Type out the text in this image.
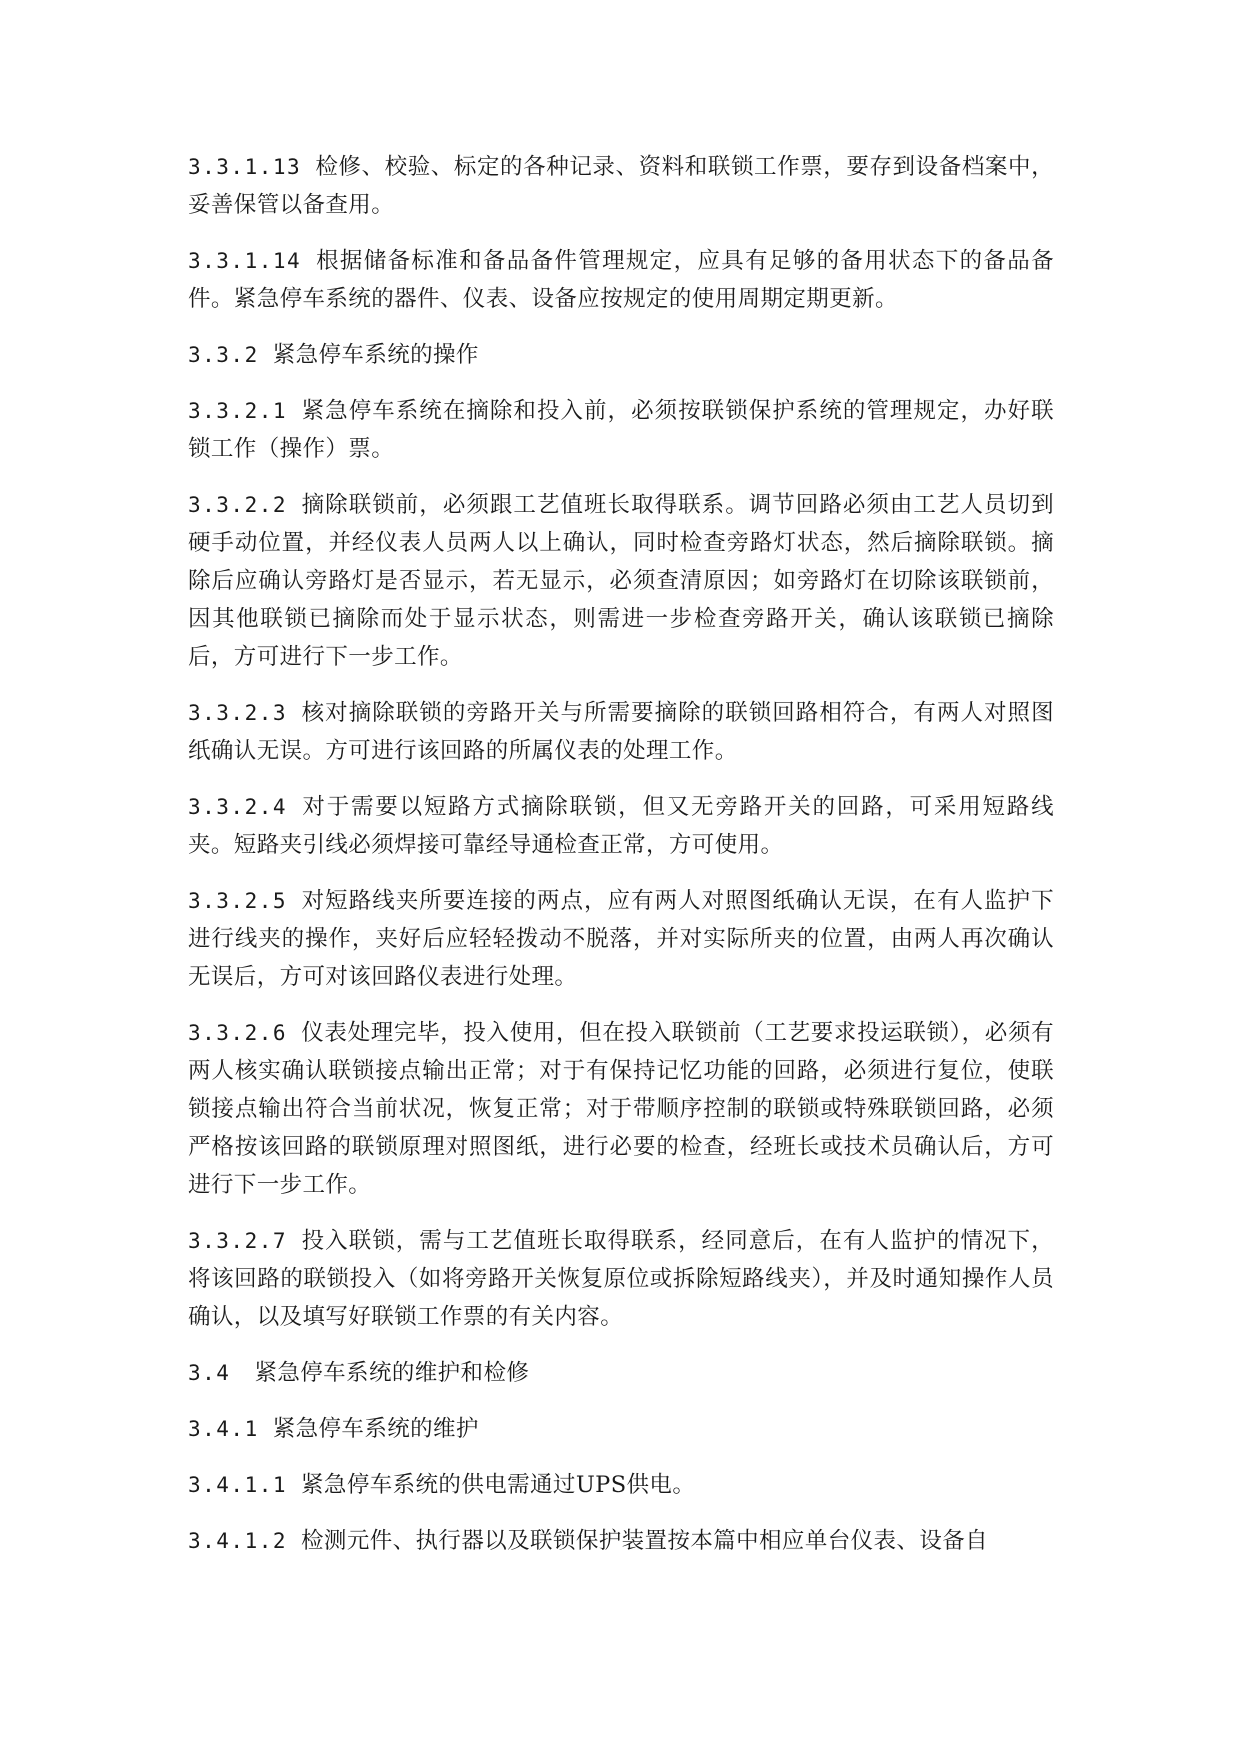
3.3.1.13 检修、校验、标定的各种记录、资料和联锁工作票，要存到设备档案中，妥善保管以备查用。

3.3.1.14 根据储备标准和备品备件管理规定，应具有足够的备用状态下的备品备件。紧急停车系统的器件、仪表、设备应按规定的使用周期定期更新。

3.3.2 紧急停车系统的操作

3.3.2.1 紧急停车系统在摘除和投入前，必须按联锁保护系统的管理规定，办好联锁工作（操作）票。

3.3.2.2 摘除联锁前，必须跟工艺值班长取得联系。调节回路必须由工艺人员切到硬手动位置，并经仪表人员两人以上确认，同时检查旁路灯状态，然后摘除联锁。摘除后应确认旁路灯是否显示，若无显示，必须查清原因；如旁路灯在切除该联锁前，因其他联锁已摘除而处于显示状态，则需进一步检查旁路开关，确认该联锁已摘除后，方可进行下一步工作。

3.3.2.3 核对摘除联锁的旁路开关与所需要摘除的联锁回路相符合，有两人对照图纸确认无误。方可进行该回路的所属仪表的处理工作。

3.3.2.4 对于需要以短路方式摘除联锁，但又无旁路开关的回路，可采用短路线夹。短路夹引线必须焊接可靠经导通检查正常，方可使用。

3.3.2.5 对短路线夹所要连接的两点，应有两人对照图纸确认无误，在有人监护下进行线夹的操作，夹好后应轻轻拨动不脱落，并对实际所夹的位置，由两人再次确认无误后，方可对该回路仪表进行处理。

3.3.2.6 仪表处理完毕，投入使用，但在投入联锁前（工艺要求投运联锁），必须有两人核实确认联锁接点输出正常；对于有保持记忆功能的回路，必须进行复位，使联锁接点输出符合当前状况，恢复正常；对于带顺序控制的联锁或特殊联锁回路，必须严格按该回路的联锁原理对照图纸，进行必要的检查，经班长或技术员确认后，方可进行下一步工作。

3.3.2.7 投入联锁，需与工艺值班长取得联系，经同意后，在有人监护的情况下，将该回路的联锁投入（如将旁路开关恢复原位或拆除短路线夹），并及时通知操作人员确认，以及填写好联锁工作票的有关内容。

3.4 紧急停车系统的维护和检修

3.4.1 紧急停车系统的维护

3.4.1.1 紧急停车系统的供电需通过UPS供电。

3.4.1.2 检测元件、执行器以及联锁保护装置按本篇中相应单台仪表、设备自
